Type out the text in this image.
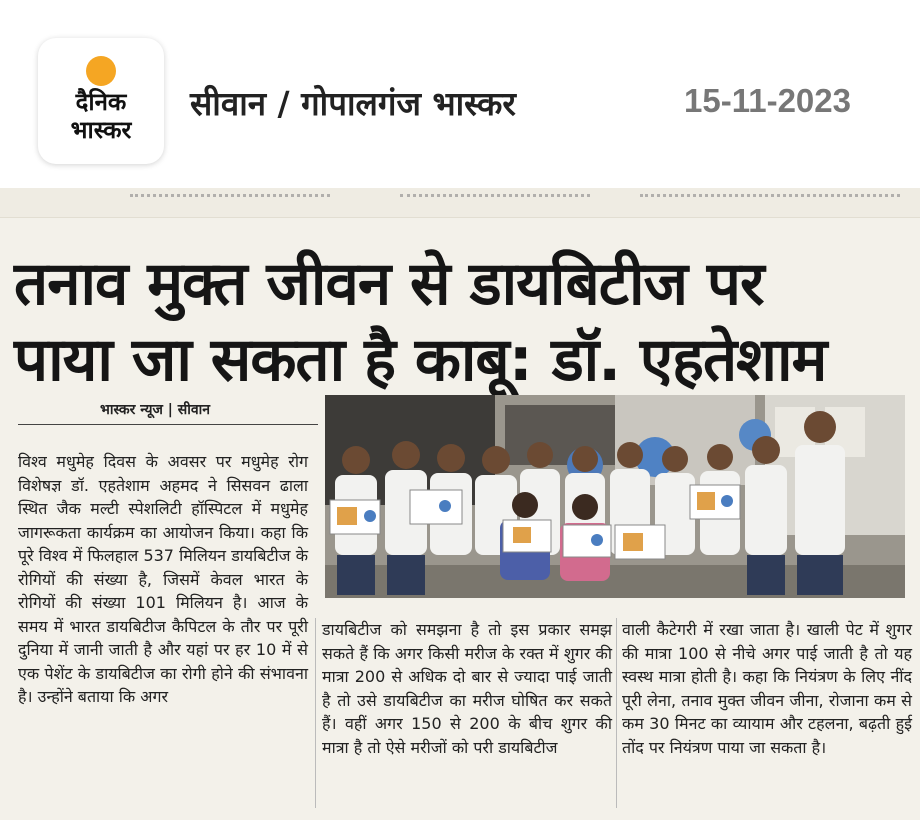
दैनिक
भास्कर
सीवान / गोपालगंज भास्कर	15-11-2023
तनाव मुक्त जीवन से डायबिटीज पर
पाया जा सकता है काबू: डॉ. एहतेशाम
भास्कर न्यूज | सीवान
विश्व मधुमेह दिवस के अवसर पर मधुमेह रोग विशेषज्ञ डॉ. एहतेशाम अहमद ने सिसवन ढाला स्थित जैक मल्टी स्पेशलिटी हॉस्पिटल में मधुमेह जागरूकता कार्यक्रम का आयोजन किया। कहा कि पूरे विश्व में फिलहाल 537 मिलियन डायबिटीज के रोगियों की संख्या है, जिसमें केवल भारत के रोगियों की संख्या 101 मिलियन है। आज के समय में भारत डायबिटीज कैपिटल के तौर पर पूरी दुनिया में जानी जाती है और यहां पर हर 10 में से एक पेशेंट के डायबिटीज का रोगी होने की संभावना है। उन्होंने बताया कि अगर
डायबिटीज को समझना है तो इस प्रकार समझ सकते हैं कि अगर किसी मरीज के रक्त में शुगर की मात्रा 200 से अधिक दो बार से ज्यादा पाई जाती है तो उसे डायबिटीज का मरीज घोषित कर सकते हैं। वहीं अगर 150 से 200 के बीच शुगर की मात्रा है तो ऐसे मरीजों को परी डायबिटीज
वाली कैटेगरी में रखा जाता है। खाली पेट में शुगर की मात्रा 100 से नीचे अगर पाई जाती है तो यह स्वस्थ मात्रा होती है। कहा कि नियंत्रण के लिए नींद पूरी लेना, तनाव मुक्त जीवन जीना, रोजाना कम से कम 30 मिनट का व्यायाम और टहलना, बढ़ती हुई तोंद पर नियंत्रण पाया जा सकता है।
